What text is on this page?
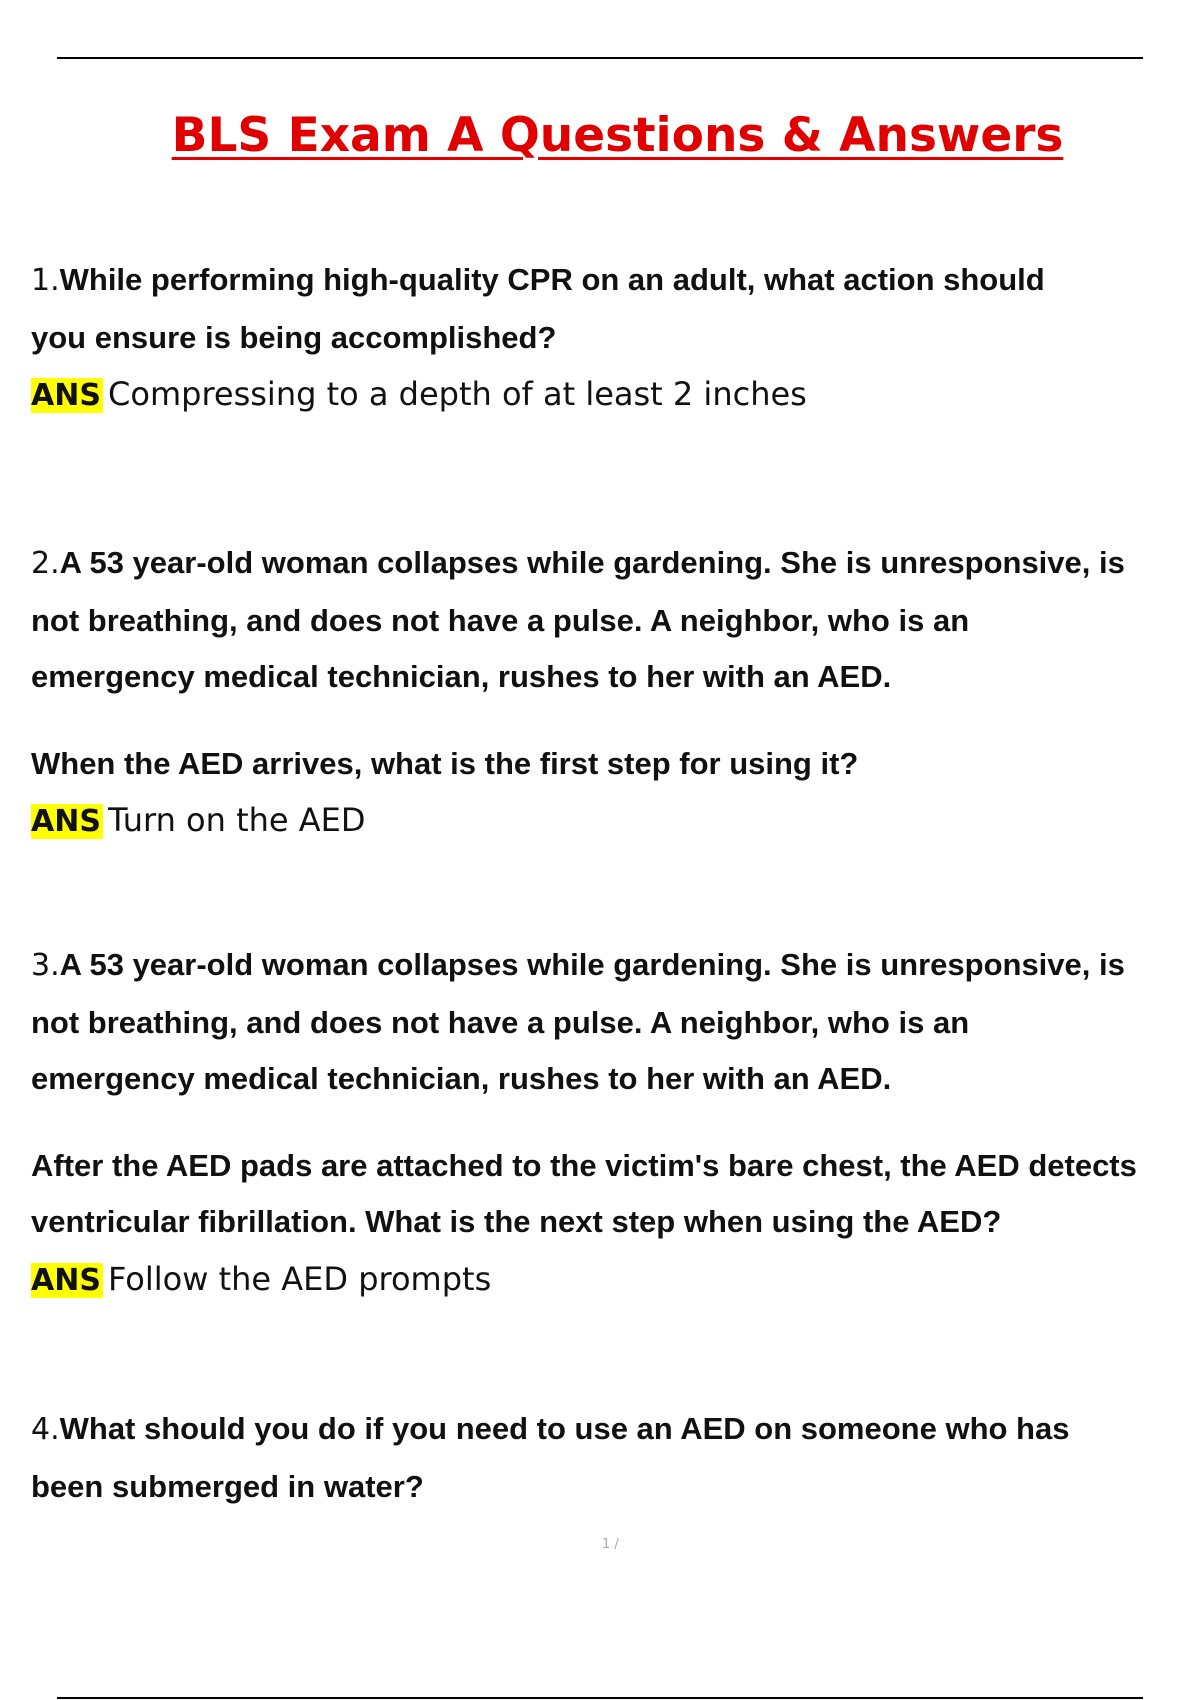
BLS Exam A Questions & Answers

1.While performing high-quality CPR on an adult, what action should

you ensure is being accomplished?

ANS Compressing to a depth of at least 2 inches

2.A 53 year-old woman collapses while gardening. She is unresponsive, is

not breathing, and does not have a pulse. A neighbor, who is an

emergency medical technician, rushes to her with an AED.

When the AED arrives, what is the first step for using it?

ANS Turn on the AED

3.A 53 year-old woman collapses while gardening. She is unresponsive, is

not breathing, and does not have a pulse. A neighbor, who is an

emergency medical technician, rushes to her with an AED.

After the AED pads are attached to the victim's bare chest, the AED detects

ventricular fibrillation. What is the next step when using the AED?

ANS Follow the AED prompts

4.What should you do if you need to use an AED on someone who has

been submerged in water?

1 /
